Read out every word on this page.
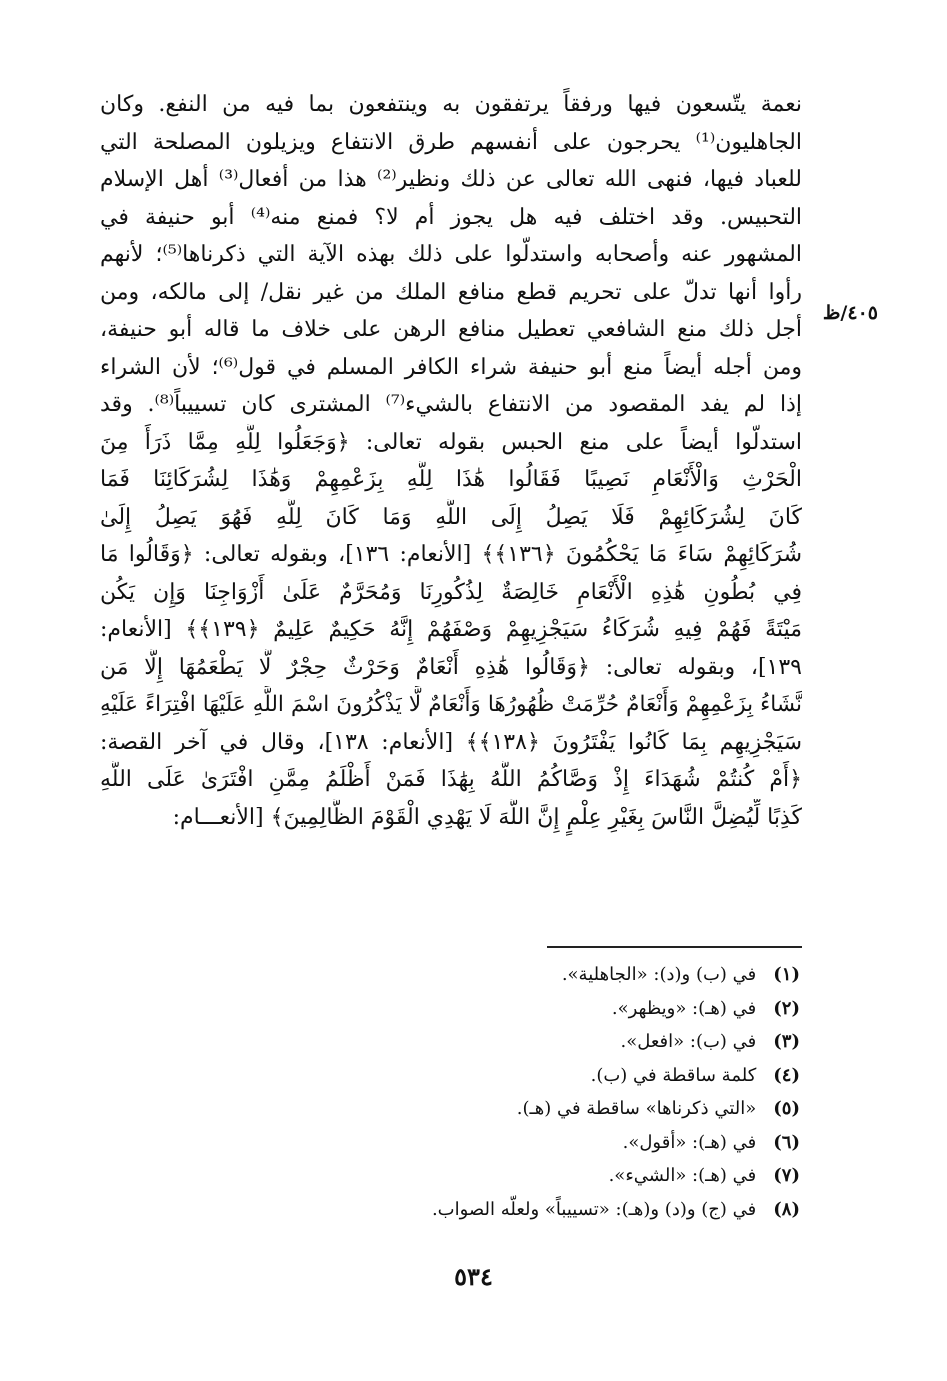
٤٠٥/ظ
نعمة يتّسعون فيها ورفقاً يرتفقون به وينتفعون بما فيه من النفع. وكان
الجاهليون⁽¹⁾ يحرجون على أنفسهم طرق الانتفاع ويزيلون المصلحة التي
للعباد فيها، فنهى الله تعالى عن ذلك ونظير⁽²⁾ هذا من أفعال⁽³⁾ أهل الإسلام
التحبيس. وقد اختلف فيه هل يجوز أم لا؟ فمنع منه⁽⁴⁾ أبو حنيفة في
المشهور عنه وأصحابه واستدلّوا على ذلك بهذه الآية التي ذكرناها⁽⁵⁾؛ لأنهم
رأوا أنها تدلّ على تحريم قطع منافع الملك من غير نقل/ إلى مالكه، ومن
أجل ذلك منع الشافعي تعطيل منافع الرهن على خلاف ما قاله أبو حنيفة،
ومن أجله أيضاً منع أبو حنيفة شراء الكافر المسلم في قول⁽⁶⁾؛ لأن الشراء
إذا لم يفد المقصود من الانتفاع بالشيء⁽⁷⁾ المشترى كان تسييباً⁽⁸⁾. وقد
استدلّوا أيضاً على منع الحبس بقوله تعالى: ﴿وَجَعَلُوا لِلَّهِ مِمَّا ذَرَأَ مِنَ
الْحَرْثِ وَالْأَنْعَامِ نَصِيبًا فَقَالُوا هَٰذَا لِلَّهِ بِزَعْمِهِمْ وَهَٰذَا لِشُرَكَائِنَا فَمَا
كَانَ لِشُرَكَائِهِمْ فَلَا يَصِلُ إِلَى اللَّهِ وَمَا كَانَ لِلَّهِ فَهُوَ يَصِلُ إِلَىٰ
شُرَكَائِهِمْ سَاءَ مَا يَحْكُمُونَ ﴿١٣٦﴾﴾ [الأنعام: ١٣٦]، وبقوله تعالى: ﴿وَقَالُوا مَا
فِي بُطُونِ هَٰذِهِ الْأَنْعَامِ خَالِصَةٌ لِذُكُورِنَا وَمُحَرَّمٌ عَلَىٰ أَزْوَاجِنَا وَإِن يَكُن
مَيْتَةً فَهُمْ فِيهِ شُرَكَاءُ سَيَجْزِيهِمْ وَصْفَهُمْ إِنَّهُ حَكِيمٌ عَلِيمٌ ﴿١٣٩﴾﴾ [الأنعام:
١٣٩]، وبقوله تعالى: ﴿وَقَالُوا هَٰذِهِ أَنْعَامٌ وَحَرْثٌ حِجْرٌ لَّا يَطْعَمُهَا إِلَّا مَن
نَّشَاءُ بِزَعْمِهِمْ وَأَنْعَامٌ حُرِّمَتْ ظُهُورُهَا وَأَنْعَامٌ لَّا يَذْكُرُونَ اسْمَ اللَّهِ عَلَيْهَا افْتِرَاءً عَلَيْهِ
سَيَجْزِيهِم بِمَا كَانُوا يَفْتَرُونَ ﴿١٣٨﴾﴾ [الأنعام: ١٣٨]، وقال في آخر القصة:
﴿أَمْ كُنتُمْ شُهَدَاءَ إِذْ وَصَّاكُمُ اللَّهُ بِهَٰذَا فَمَنْ أَظْلَمُ مِمَّنِ افْتَرَىٰ عَلَى اللَّهِ
كَذِبًا لِّيُضِلَّ النَّاسَ بِغَيْرِ عِلْمٍ إِنَّ اللَّهَ لَا يَهْدِي الْقَوْمَ الظَّالِمِينَ﴾ [الأنعـــام:
(١) في (ب) و(د): «الجاهلية».
(٢) في (هـ): «ويظهر».
(٣) في (ب): «افعل».
(٤) كلمة ساقطة في (ب).
(٥) «التي ذكرناها» ساقطة في (هـ).
(٦) في (هـ): «أقول».
(٧) في (هـ): «الشيء».
(٨) في (ج) و(د) و(هـ): «تسييباً» ولعلّه الصواب.
٥٣٤
